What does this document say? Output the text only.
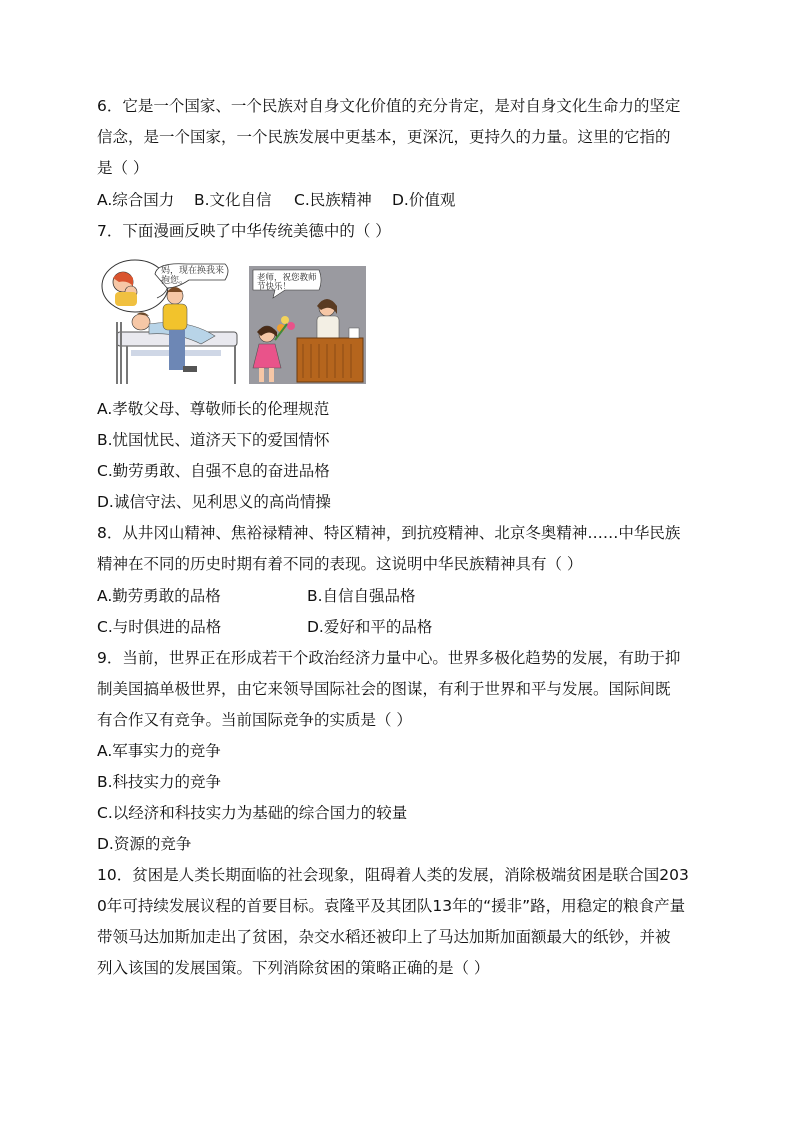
6．它是一个国家、一个民族对自身文化价值的充分肯定，是对自身文化生命力的坚定
信念，是一个国家，一个民族发展中更基本，更深沉，更持久的力量。这里的它指的
是（ ）
A.综合国力 B.文化自信 C.民族精神 D.价值观
7．下面漫画反映了中华传统美德中的（ ）
妈，现在换我来
抱您。	老师，祝您教师
节快乐！
A.孝敬父母、尊敬师长的伦理规范
B.忧国忧民、道济天下的爱国情怀
C.勤劳勇敢、自强不息的奋进品格
D.诚信守法、见利思义的高尚情操
8．从井冈山精神、焦裕禄精神、特区精神，到抗疫精神、北京冬奥精神……中华民族
精神在不同的历史时期有着不同的表现。这说明中华民族精神具有（ ）
A.勤劳勇敢的品格	B.自信自强品格
C.与时俱进的品格	D.爱好和平的品格
9．当前，世界正在形成若干个政治经济力量中心。世界多极化趋势的发展，有助于抑
制美国搞单极世界，由它来领导国际社会的图谋，有利于世界和平与发展。国际间既
有合作又有竞争。当前国际竞争的实质是（ ）
A.军事实力的竞争
B.科技实力的竞争
C.以经济和科技实力为基础的综合国力的较量
D.资源的竞争
10．贫困是人类长期面临的社会现象，阻碍着人类的发展，消除极端贫困是联合国203
0年可持续发展议程的首要目标。袁隆平及其团队13年的“援非”路，用稳定的粮食产量
带领马达加斯加走出了贫困，杂交水稻还被印上了马达加斯加面额最大的纸钞，并被
列入该国的发展国策。下列消除贫困的策略正确的是（ ）
